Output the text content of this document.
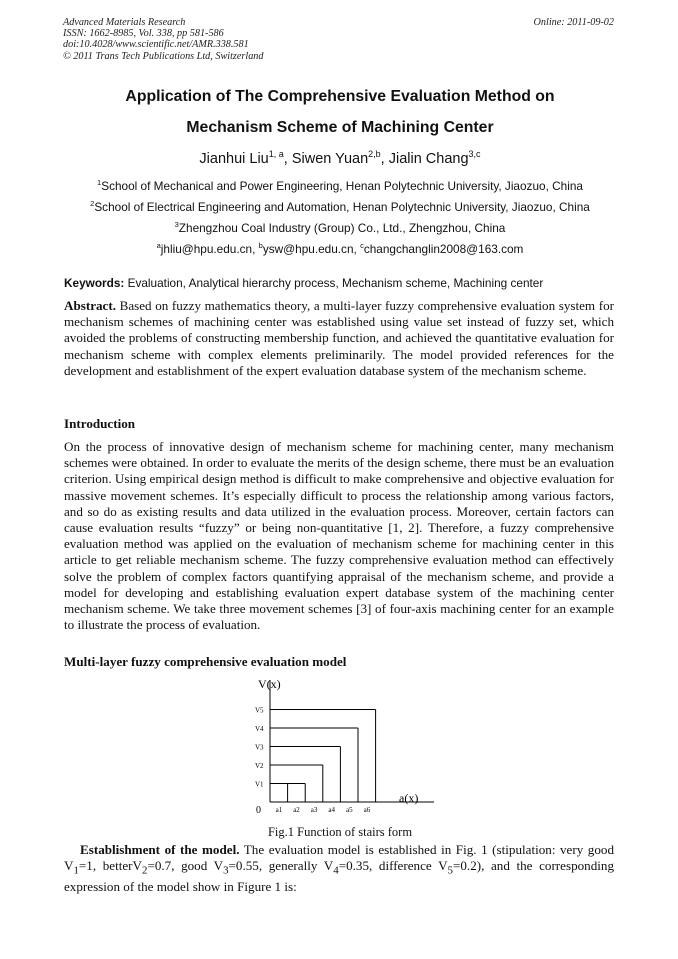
Advanced Materials Research
ISSN: 1662-8985, Vol. 338, pp 581-586
doi:10.4028/www.scientific.net/AMR.338.581
© 2011 Trans Tech Publications Ltd, Switzerland
Online: 2011-09-02
Application of The Comprehensive Evaluation Method on
Mechanism Scheme of Machining Center
Jianhui Liu$^{1, a}$, Siwen Yuan$^{2,b}$, Jialin Chang$^{3,c}$
$^1$School of Mechanical and Power Engineering, Henan Polytechnic University, Jiaozuo, China
$^2$School of Electrical Engineering and Automation, Henan Polytechnic University, Jiaozuo, China
$^3$Zhengzhou Coal Industry (Group) Co., Ltd., Zhengzhou, China
$^a$jhliu@hpu.edu.cn, $^b$ysw@hpu.edu.cn, $^c$changchanglin2008@163.com
Keywords: Evaluation, Analytical hierarchy process, Mechanism scheme, Machining center
Abstract. Based on fuzzy mathematics theory, a multi-layer fuzzy comprehensive evaluation system for mechanism schemes of machining center was established using value set instead of fuzzy set, which avoided the problems of constructing membership function, and achieved the quantitative evaluation for mechanism scheme with complex elements preliminarily. The model provided references for the development and establishment of the expert evaluation database system of the mechanism scheme.
Introduction
On the process of innovative design of mechanism scheme for machining center, many mechanism schemes were obtained. In order to evaluate the merits of the design scheme, there must be an evaluation criterion. Using empirical design method is difficult to make comprehensive and objective evaluation for massive movement schemes. It’s especially difficult to process the relationship among various factors, and so do as existing results and data utilized in the evaluation process. Moreover, certain factors can cause evaluation results “fuzzy” or being non-quantitative [1, 2]. Therefore, a fuzzy comprehensive evaluation method was applied on the evaluation of mechanism scheme for machining center in this article to get reliable mechanism scheme. The fuzzy comprehensive evaluation method can effectively solve the problem of complex factors quantifying appraisal of the mechanism scheme, and provide a model for developing and establishing evaluation expert database system of the machining center mechanism scheme. We take three movement schemes [3] of four-axis machining center for an example to illustrate the process of evaluation.
Multi-layer fuzzy comprehensive evaluation model
V(x)
a(x)
0
V1
V2
V3
V4
V5
a1 a2 a3 a4 a5 a6
Fig.1 Function of stairs form
Establishment of the model. The evaluation model is established in Fig. 1 (stipulation: very good $V_1=1$, betterV$_2$=0.7, good $V_3=0.55$, generally $V_4=0.35$, difference $V_5=0.2$), and the corresponding expression of the model show in Figure 1 is:
